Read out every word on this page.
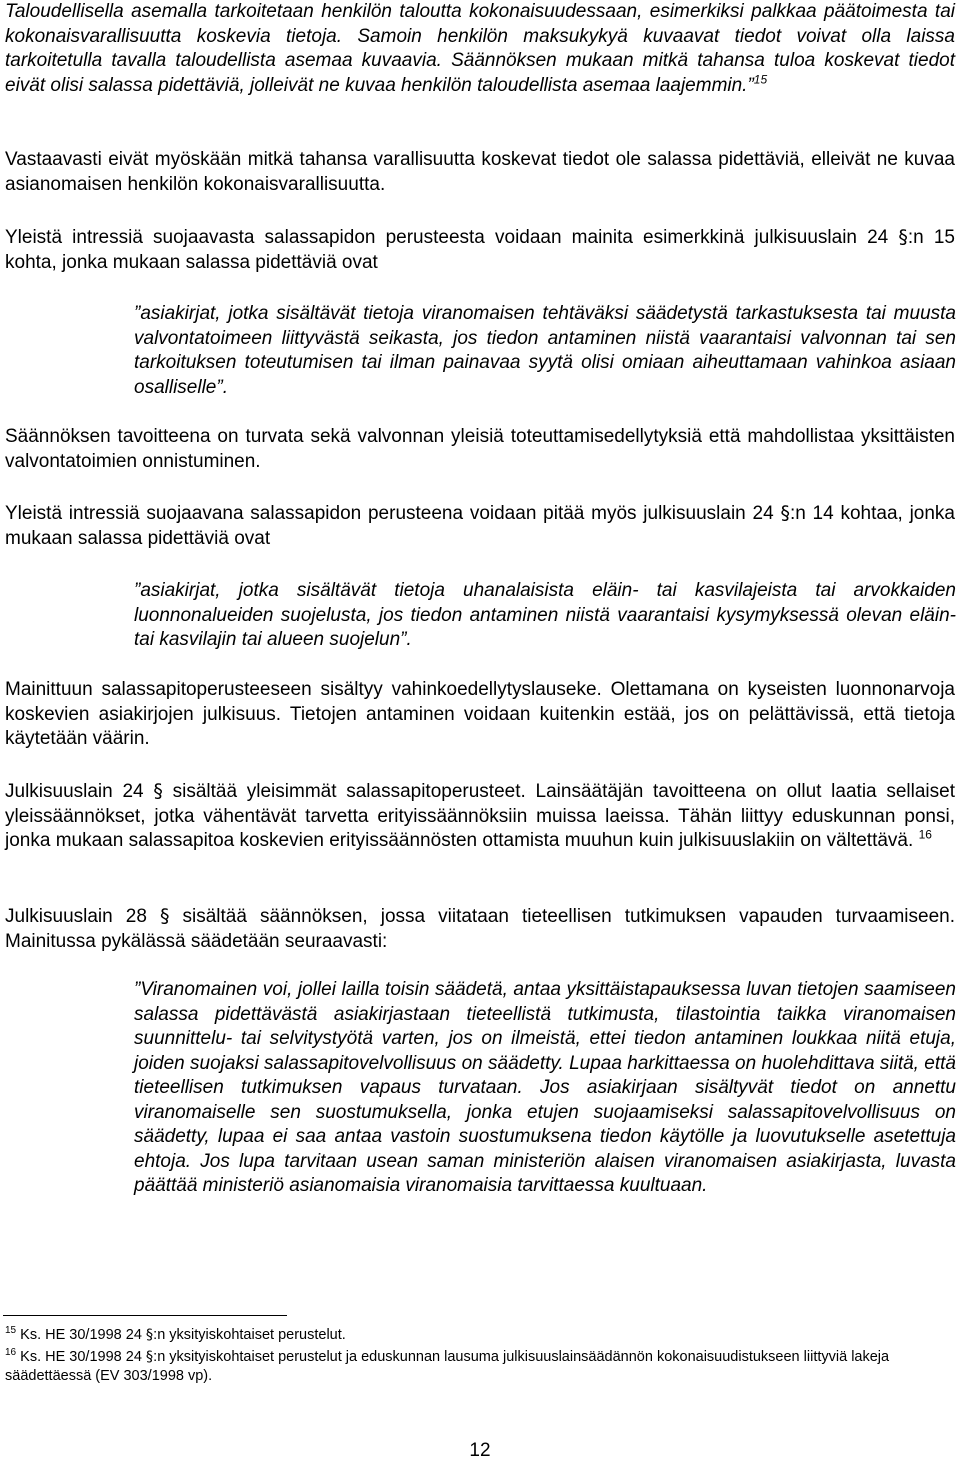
Taloudellisella asemalla tarkoitetaan henkilön taloutta kokonaisuudessaan, esimerkiksi palkkaa päätoimesta tai kokonaisvarallisuutta koskevia tietoja. Samoin henkilön maksukykyä kuvaavat tiedot voivat olla laissa tarkoitetulla tavalla taloudellista asemaa kuvaavia. Säännöksen mukaan mitkä tahansa tuloa koskevat tiedot eivät olisi salassa pidettäviä, jolleivät ne kuvaa henkilön taloudellista asemaa laajemmin.”$^{15}$

Vastaavasti eivät myöskään mitkä tahansa varallisuutta koskevat tiedot ole salassa pidettäviä, elleivät ne kuvaa asianomaisen henkilön kokonaisvarallisuutta.

Yleistä intressiä suojaavasta salassapidon perusteesta voidaan mainita esimerkkinä julkisuuslain 24 §:n 15 kohta, jonka mukaan salassa pidettäviä ovat

”asiakirjat, jotka sisältävät tietoja viranomaisen tehtäväksi säädetystä tarkastuksesta tai muusta valvontatoimeen liittyvästä seikasta, jos tiedon antaminen niistä vaarantaisi valvonnan tai sen tarkoituksen toteutumisen tai ilman painavaa syytä olisi omiaan aiheuttamaan vahinkoa asiaan osalliselle”.

Säännöksen tavoitteena on turvata sekä valvonnan yleisiä toteuttamisedellytyksiä että mahdollistaa yksittäisten valvontatoimien onnistuminen.

Yleistä intressiä suojaavana salassapidon perusteena voidaan pitää myös julkisuuslain 24 §:n 14 kohtaa, jonka mukaan salassa pidettäviä ovat

”asiakirjat, jotka sisältävät tietoja uhanalaisista eläin- tai kasvilajeista tai arvokkaiden luonnonalueiden suojelusta, jos tiedon antaminen niistä vaarantaisi kysymyksessä olevan eläin- tai kasvilajin tai alueen suojelun”.

Mainittuun salassapitoperusteeseen sisältyy vahinkoedellytyslauseke. Olettamana on kyseisten luonnonarvoja koskevien asiakirjojen julkisuus. Tietojen antaminen voidaan kuitenkin estää, jos on pelättävissä, että tietoja käytetään väärin.

Julkisuuslain 24 § sisältää yleisimmät salassapitoperusteet. Lainsäätäjän tavoitteena on ollut laatia sellaiset yleissäännökset, jotka vähentävät tarvetta erityissäännöksiin muissa laeissa. Tähän liittyy eduskunnan ponsi, jonka mukaan salassapitoa koskevien erityissäännösten ottamista muuhun kuin julkisuuslakiin on vältettävä. $^{16}$

Julkisuuslain 28 § sisältää säännöksen, jossa viitataan tieteellisen tutkimuksen vapauden turvaamiseen. Mainitussa pykälässä säädetään seuraavasti:

”Viranomainen voi, jollei lailla toisin säädetä, antaa yksittäistapauksessa luvan tietojen saamiseen salassa pidettävästä asiakirjastaan tieteellistä tutkimusta, tilastointia taikka viranomaisen suunnittelu- tai selvitystyötä varten, jos on ilmeistä, ettei tiedon antaminen loukkaa niitä etuja, joiden suojaksi salassapitovelvollisuus on säädetty. Lupaa harkittaessa on huolehdittava siitä, että tieteellisen tutkimuksen vapaus turvataan. Jos asiakirjaan sisältyvät tiedot on annettu viranomaiselle sen suostumuksella, jonka etujen suojaamiseksi salassapitovelvollisuus on säädetty, lupaa ei saa antaa vastoin suostumuksena tiedon käytölle ja luovutukselle asetettuja ehtoja. Jos lupa tarvitaan usean saman ministeriön alaisen viranomaisen asiakirjasta, luvasta päättää ministeriö asianomaisia viranomaisia tarvittaessa kuultuaan.

$^{15}$ Ks. HE 30/1998 24 §:n yksityiskohtaiset perustelut.

$^{16}$ Ks. HE 30/1998 24 §:n yksityiskohtaiset perustelut ja eduskunnan lausuma julkisuuslainsäädännön kokonaisuudistukseen liittyviä lakeja säädettäessä (EV 303/1998 vp).

12
